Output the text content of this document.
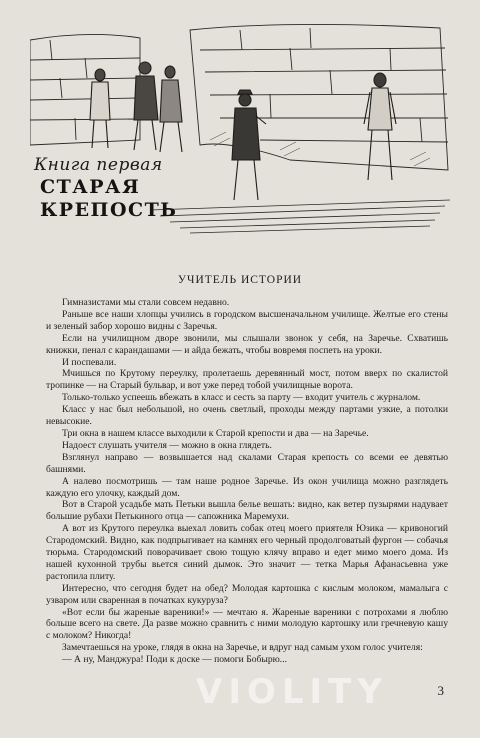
Книга первая
СТАРАЯ
КРЕПОСТЬ
УЧИТЕЛЬ ИСТОРИИ

Гимназистами мы стали совсем недавно.

Раньше все наши хлопцы учились в городском высшеначальном училище. Желтые его стены и зеленый забор хорошо видны с Заречья.

Если на училищном дворе звонили, мы слышали звонок у себя, на Заречье. Схватишь книжки, пенал с карандашами — и айда бежать, чтобы вовремя поспеть на уроки.

И поспевали.

Мчишься по Крутому переулку, пролетаешь деревянный мост, потом вверх по скалистой тропинке — на Старый бульвар, и вот уже перед тобой училищные ворота.

Только-только успеешь вбежать в класс и сесть за парту — входит учитель с журналом.

Класс у нас был небольшой, но очень светлый, проходы между партами узкие, а потолки невысокие.

Три окна в нашем классе выходили к Старой крепости и два — на Заречье.

Надоест слушать учителя — можно в окна глядеть.

Взглянул направо — возвышается над скалами Старая крепость со всеми ее девятью башнями.

А налево посмотришь — там наше родное Заречье. Из окон училища можно разглядеть каждую его улочку, каждый дом.

Вот в Старой усадьбе мать Петьки вышла белье вешать: видно, как ветер пузырями надувает большие рубахи Петькиного отца — сапожника Маремухи.

А вот из Крутого переулка выехал ловить собак отец моего приятеля Юзика — кривоногий Стародомский. Видно, как подпрыгивает на камнях его черный продолговатый фургон — собачья тюрьма. Стародомский поворачивает свою тощую клячу вправо и едет мимо моего дома. Из нашей кухонной трубы вьется синий дымок. Это значит — тетка Марья Афанасьевна уже растопила плиту.

Интересно, что сегодня будет на обед? Молодая картошка с кислым молоком, мамалыга с узваром или сваренная в початках кукуруза?

«Вот если бы жареные вареники!» — мечтаю я. Жареные вареники с потрохами я люблю больше всего на свете. Да разве можно сравнить с ними молодую картошку или гречневую кашу с молоком? Никогда!

Замечтаешься на уроке, глядя в окна на Заречье, и вдруг над самым ухом голос учителя:

— А ну, Манджура! Поди к доске — помоги Бобырю...

VIOLITY	3
